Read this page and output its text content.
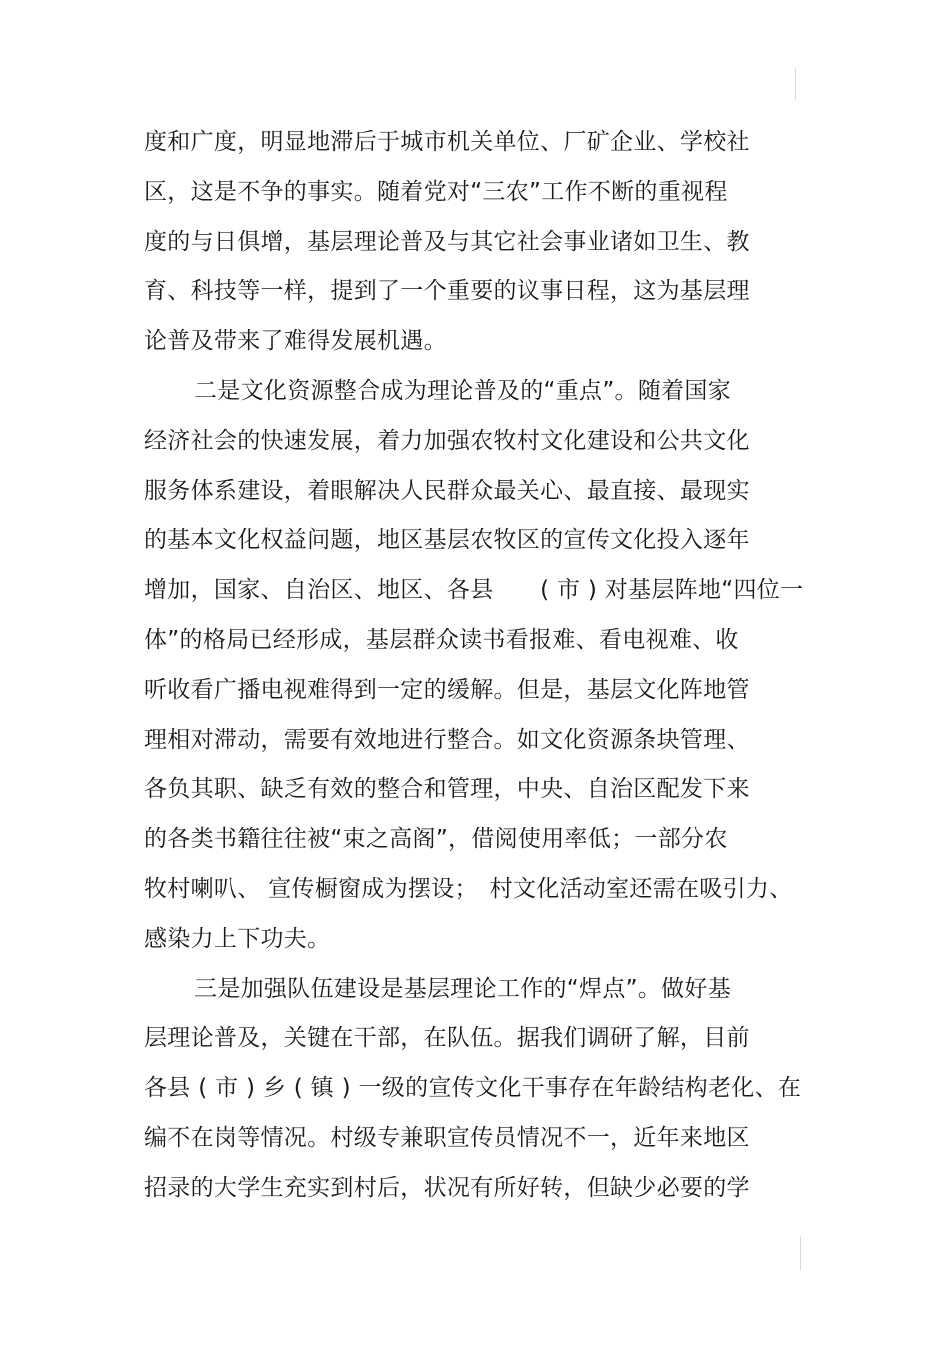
度和广度，明显地滞后于城市机关单位、厂矿企业、学校社
区，这是不争的事实。随着党对“三农”工作不断的重视程
度的与日俱增，基层理论普及与其它社会事业诸如卫生、教
育、科技等一样，提到了一个重要的议事日程，这为基层理
论普及带来了难得发展机遇。
二是文化资源整合成为理论普及的“重点”。随着国家
经济社会的快速发展，着力加强农牧村文化建设和公共文化
服务体系建设，着眼解决人民群众最关心、最直接、最现实
的基本文化权益问题，地区基层农牧区的宣传文化投入逐年
增加，国家、自治区、地区、各县　　( 市 ) 对基层阵地“四位一
体”的格局已经形成，基层群众读书看报难、看电视难、收
听收看广播电视难得到一定的缓解。但是，基层文化阵地管
理相对滞动，需要有效地进行整合。如文化资源条块管理、
各负其职、缺乏有效的整合和管理，中央、自治区配发下来
的各类书籍往往被“束之高阁”，借阅使用率低；一部分农
牧村喇叭、 宣传橱窗成为摆设；　村文化活动室还需在吸引力、
感染力上下功夫。
三是加强队伍建设是基层理论工作的“焊点”。做好基
层理论普及，关键在干部，在队伍。据我们调研了解，目前
各县 ( 市 ) 乡 ( 镇 ) 一级的宣传文化干事存在年龄结构老化、在
编不在岗等情况。村级专兼职宣传员情况不一，近年来地区
招录的大学生充实到村后，状况有所好转，但缺少必要的学
